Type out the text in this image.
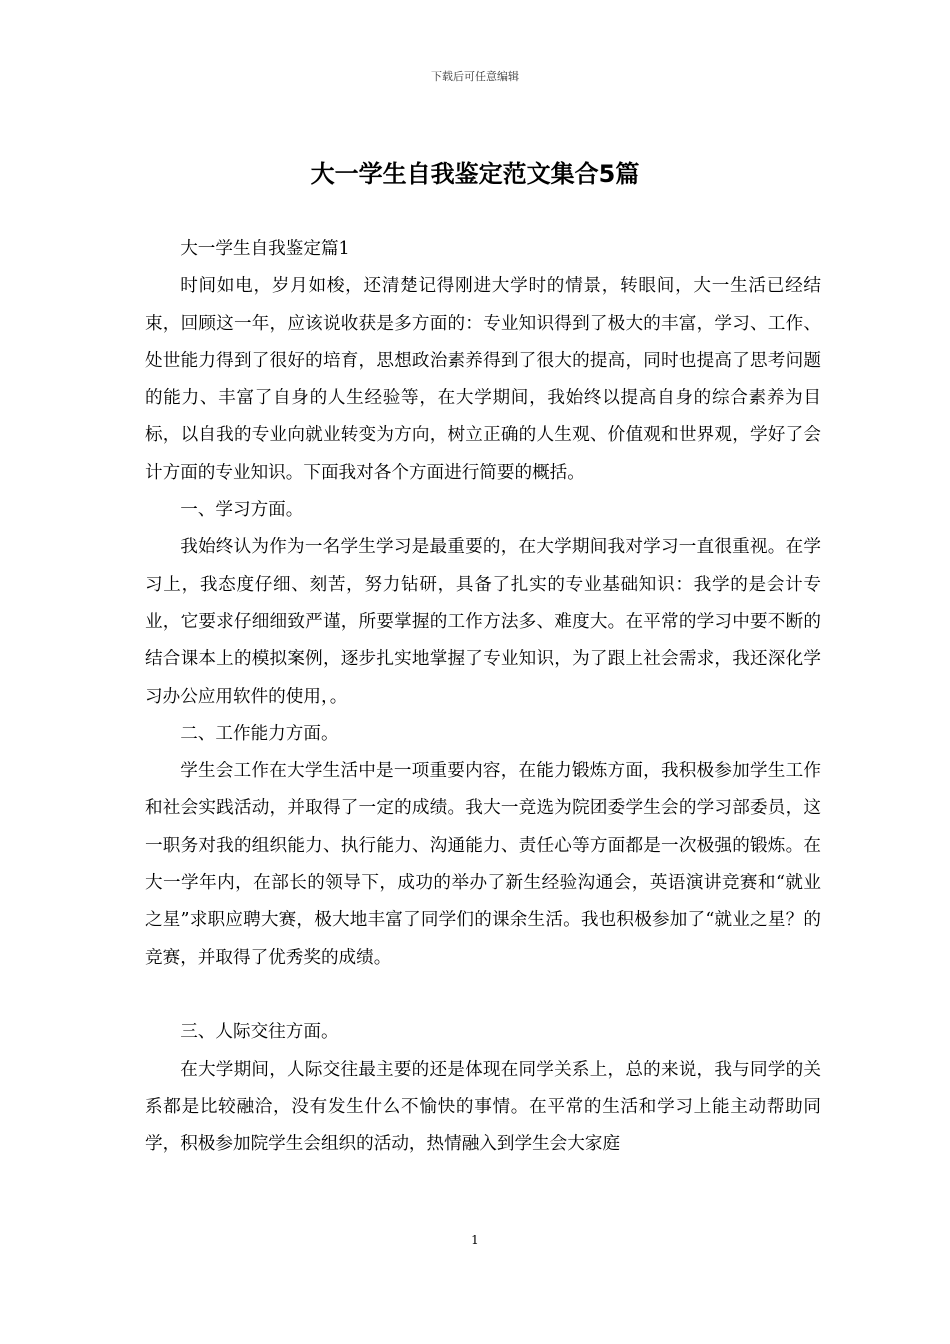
下载后可任意编辑
大一学生自我鉴定范文集合5篇

大一学生自我鉴定篇1

时间如电，岁月如梭，还清楚记得刚进大学时的情景，转眼间，大一生活已经结束，回顾这一年，应该说收获是多方面的：专业知识得到了极大的丰富，学习、工作、处世能力得到了很好的培育，思想政治素养得到了很大的提高，同时也提高了思考问题的能力、丰富了自身的人生经验等，在大学期间，我始终以提高自身的综合素养为目标，以自我的专业向就业转变为方向，树立正确的人生观、价值观和世界观，学好了会计方面的专业知识。下面我对各个方面进行简要的概括。

一、学习方面。

我始终认为作为一名学生学习是最重要的，在大学期间我对学习一直很重视。在学习上，我态度仔细、刻苦，努力钻研，具备了扎实的专业基础知识：我学的是会计专业，它要求仔细细致严谨，所要掌握的工作方法多、难度大。在平常的学习中要不断的结合课本上的模拟案例，逐步扎实地掌握了专业知识，为了跟上社会需求，我还深化学习办公应用软件的使用，。

二、工作能力方面。

学生会工作在大学生活中是一项重要内容，在能力锻炼方面，我积极参加学生工作和社会实践活动，并取得了一定的成绩。我大一竞选为院团委学生会的学习部委员，这一职务对我的组织能力、执行能力、沟通能力、责任心等方面都是一次极强的锻炼。在大一学年内，在部长的领导下，成功的举办了新生经验沟通会，英语演讲竞赛和“就业之星”求职应聘大赛，极大地丰富了同学们的课余生活。我也积极参加了“就业之星？的竞赛，并取得了优秀奖的成绩。

三、人际交往方面。

在大学期间，人际交往最主要的还是体现在同学关系上，总的来说，我与同学的关系都是比较融洽，没有发生什么不愉快的事情。在平常的生活和学习上能主动帮助同学，积极参加院学生会组织的活动，热情融入到学生会大家庭

1
